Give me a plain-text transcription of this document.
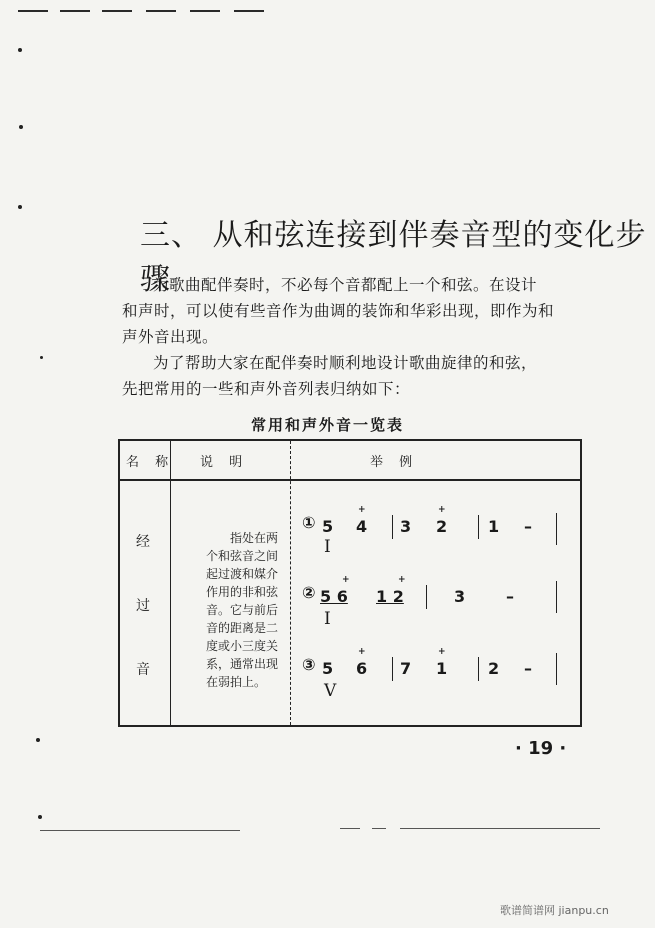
三、 从和弦连接到伴奏音型的变化步骤
为歌曲配伴奏时，不必每个音都配上一个和弦。在设计
和声时，可以使有些音作为曲调的装饰和华彩出现，即作为和
声外音出现。
为了帮助大家在配伴奏时顺利地设计歌曲旋律的和弦，
先把常用的一些和声外音列表归纳如下：
常用和声外音一览表
名 称 说 明	举 例
经
过
音
指处在两个和弦音之间起过渡和媒介作用的非和弦音。它与前后音的距离是二度或小三度关系，通常出现在弱拍上。
① 5 4
+
3 2
+
1 –
I
② 5 6
+
1 2
+
3	–
I
③ 5 6
+
7 1
+
2 –
V
· 19 ·
歌谱简谱网 jianpu.cn
